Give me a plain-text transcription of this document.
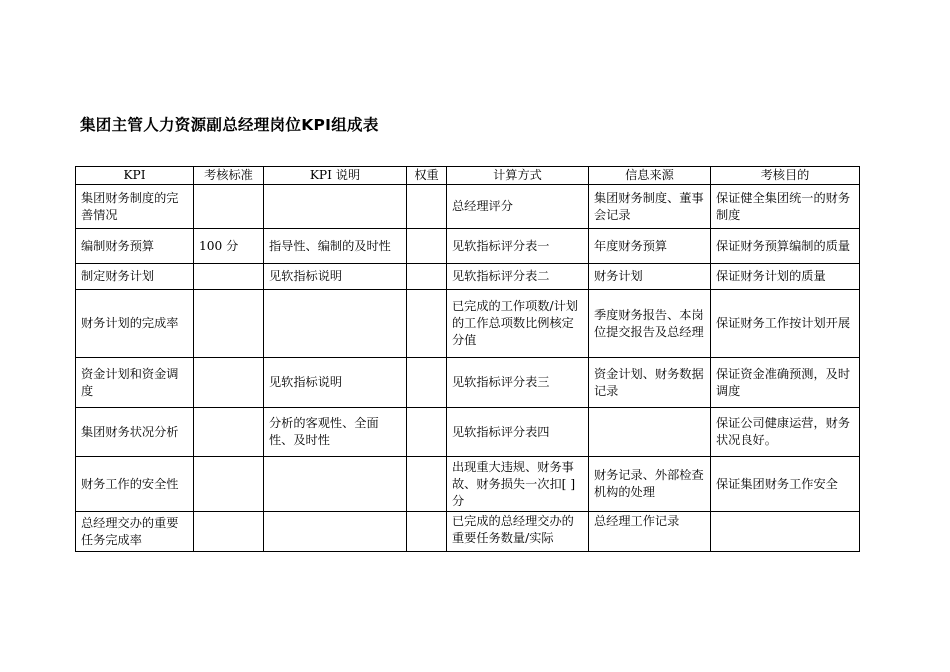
集团主管人力资源副总经理岗位KPI组成表
KPI	考核标准	KPI 说明	权重	计算方式	信息来源	考核目的
集团财务制度的完善情况				总经理评分	集团财务制度、董事会记录	保证健全集团统一的财务制度
编制财务预算	100 分	指导性、编制的及时性		见软指标评分表一	年度财务预算	保证财务预算编制的质量
制定财务计划		见软指标说明		见软指标评分表二	财务计划	保证财务计划的质量
财务计划的完成率				已完成的工作项数/计划的工作总项数比例核定分值	季度财务报告、本岗位提交报告及总经理	保证财务工作按计划开展
资金计划和资金调度		见软指标说明		见软指标评分表三	资金计划、财务数据记录	保证资金准确预测，及时调度
集团财务状况分析		分析的客观性、全面性、及时性		见软指标评分表四		保证公司健康运营，财务状况良好。
财务工作的安全性				出现重大违规、财务事故、财务损失一次扣[ ]分	财务记录、外部检查机构的处理	保证集团财务工作安全
总经理交办的重要任务完成率				已完成的总经理交办的重要任务数量/实际	总经理工作记录	
